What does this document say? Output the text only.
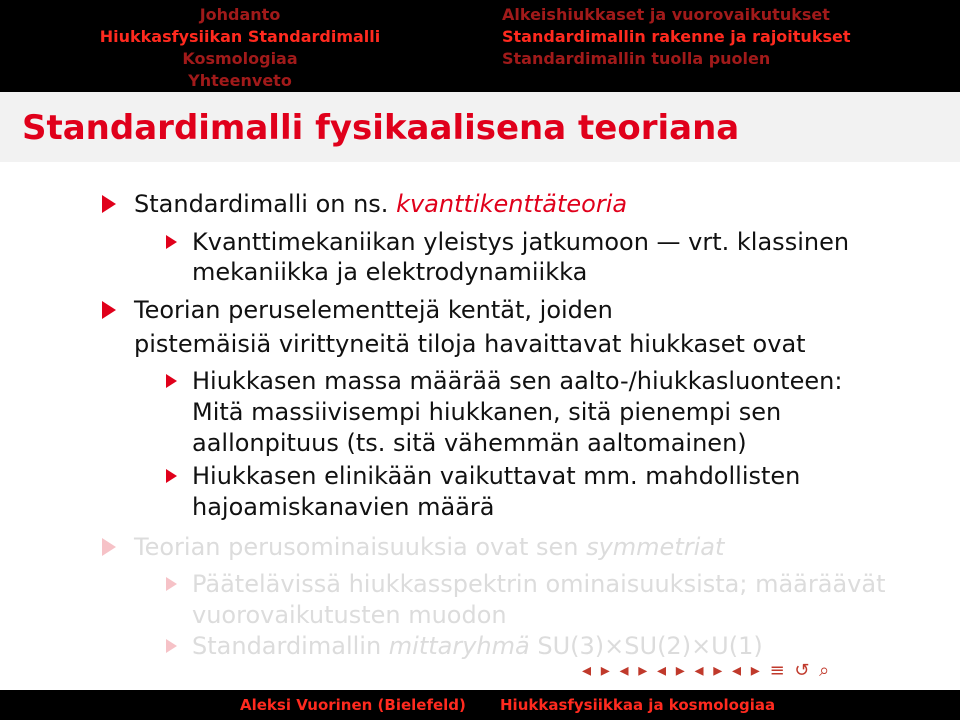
Johdanto
Hiukkasfysiikan Standardimalli
Kosmologiaa
Yhteenveto
Alkeishiukkaset ja vuorovaikutukset
Standardimallin rakenne ja rajoitukset
Standardimallin tuolla puolen
Standardimalli fysikaalisena teoriana
Standardimalli on ns. kvanttikenttäteoria
Kvanttimekaniikan yleistys jatkumoon — vrt. klassinen
mekaniikka ja elektrodynamiikka
Teorian peruselementtejä kentät, joiden
pistemäisiä virittyneitä tiloja havaittavat hiukkaset ovat
Hiukkasen massa määrää sen aalto-/hiukkasluonteen:
Mitä massiivisempi hiukkanen, sitä pienempi sen
aallonpituus (ts. sitä vähemmän aaltomainen)
Hiukkasen elinikään vaikuttavat mm. mahdollisten
hajoamiskanavien määrä
Teorian perusominaisuuksia ovat sen symmetriat
Päätelävissä hiukkasspektrin ominaisuuksista; määräävät
vuorovaikutusten muodon
Standardimallin mittaryhmä SU(3)×SU(2)×U(1)
◂ ▸ ◂ ▸ ◂ ▸ ◂ ▸ ◂ ▸ ≡ ↺ ⌕
Aleksi Vuorinen (Bielefeld) Hiukkasfysiikkaa ja kosmologiaa
